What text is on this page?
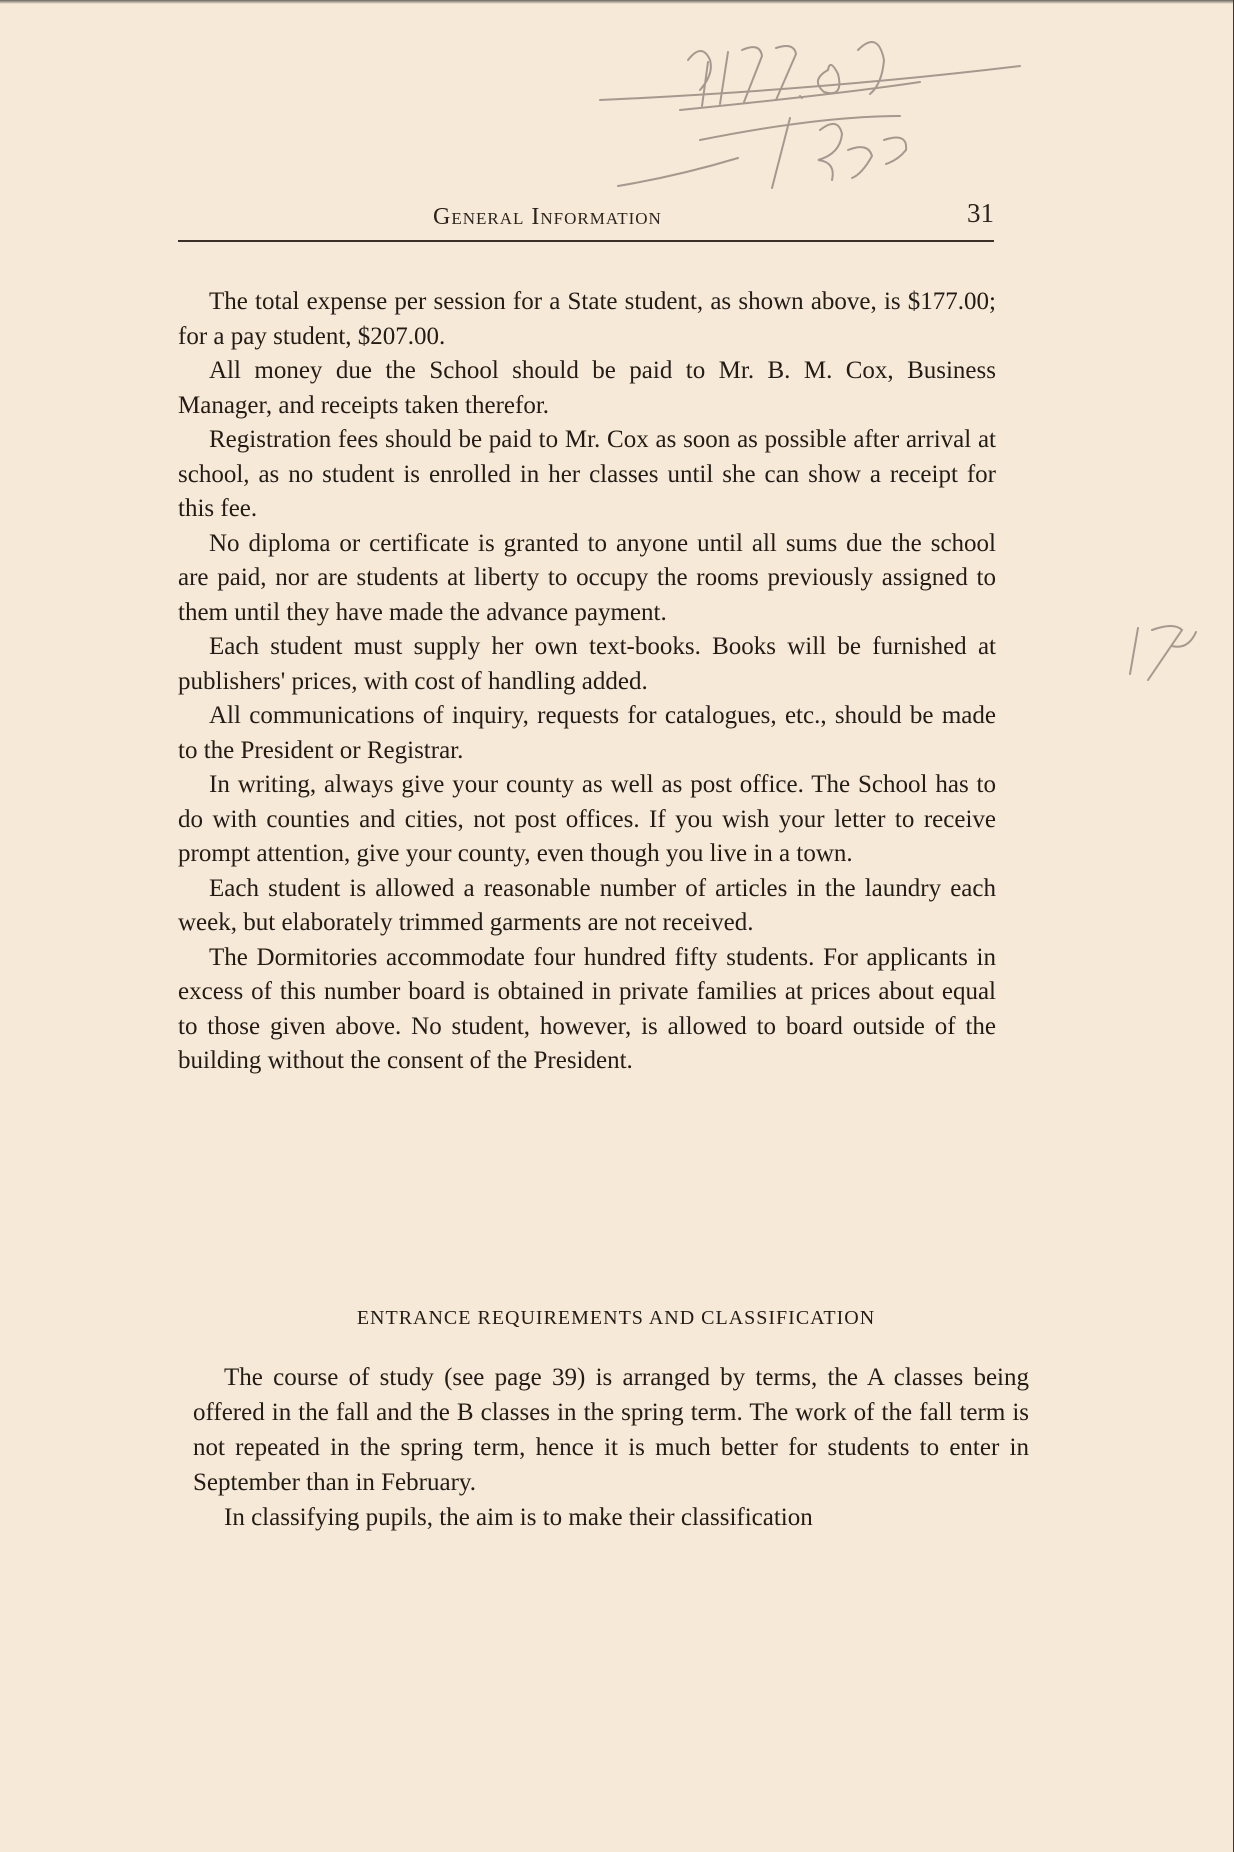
General Information	31

The total expense per session for a State student, as shown above, is $177.00; for a pay student, $207.00.

All money due the School should be paid to Mr. B. M. Cox, Business Manager, and receipts taken therefor.

Registration fees should be paid to Mr. Cox as soon as possible after arrival at school, as no student is enrolled in her classes until she can show a receipt for this fee.

No diploma or certificate is granted to anyone until all sums due the school are paid, nor are students at liberty to occupy the rooms previously assigned to them until they have made the advance payment.

Each student must supply her own text-books. Books will be furnished at publishers' prices, with cost of handling added.

All communications of inquiry, requests for catalogues, etc., should be made to the President or Registrar.

In writing, always give your county as well as post office. The School has to do with counties and cities, not post offices. If you wish your letter to receive prompt attention, give your county, even though you live in a town.

Each student is allowed a reasonable number of articles in the laundry each week, but elaborately trimmed garments are not received.

The Dormitories accommodate four hundred fifty students. For applicants in excess of this number board is obtained in private families at prices about equal to those given above. No student, however, is allowed to board outside of the building without the consent of the President.

ENTRANCE REQUIREMENTS AND CLASSIFICATION

The course of study (see page 39) is arranged by terms, the A classes being offered in the fall and the B classes in the spring term. The work of the fall term is not repeated in the spring term, hence it is much better for students to enter in September than in February.

In classifying pupils, the aim is to make their classification
